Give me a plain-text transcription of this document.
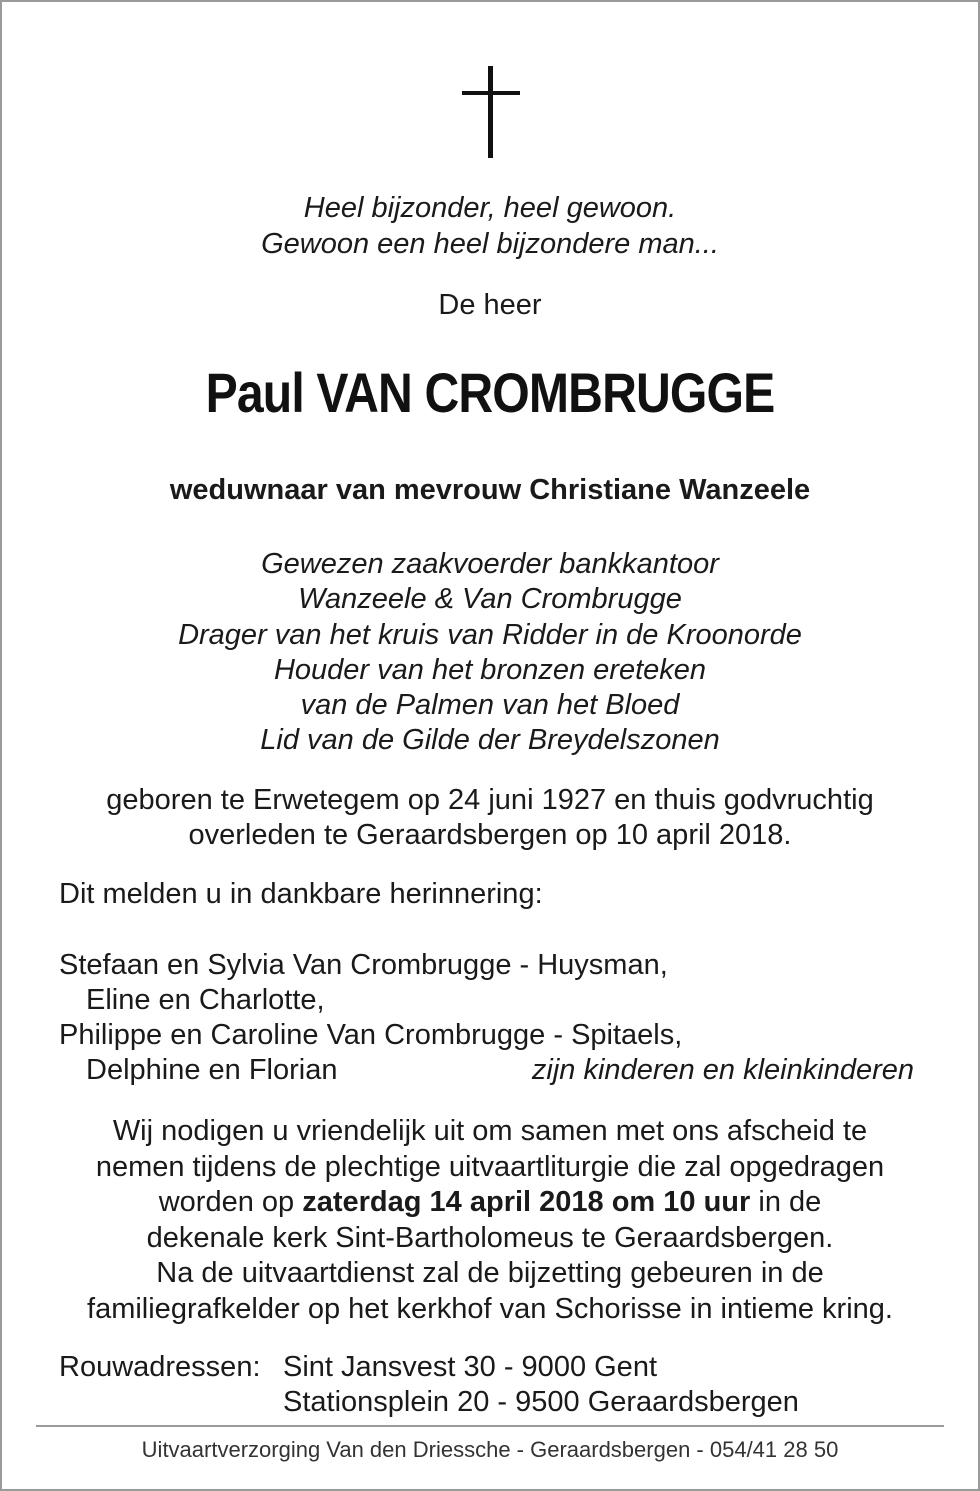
Heel bijzonder, heel gewoon.
Gewoon een heel bijzondere man...
De heer
Paul VAN CROMBRUGGE
weduwnaar van mevrouw Christiane Wanzeele
Gewezen zaakvoerder bankkantoor
Wanzeele & Van Crombrugge
Drager van het kruis van Ridder in de Kroonorde
Houder van het bronzen ereteken
van de Palmen van het Bloed
Lid van de Gilde der Breydelszonen
geboren te Erwetegem op 24 juni 1927 en thuis godvruchtig
overleden te Geraardsbergen op 10 april 2018.
Dit melden u in dankbare herinnering:
Stefaan en Sylvia Van Crombrugge - Huysman,
Eline en Charlotte,
Philippe en Caroline Van Crombrugge - Spitaels,
Delphine en Florian	zijn kinderen en kleinkinderen
Wij nodigen u vriendelijk uit om samen met ons afscheid te
nemen tijdens de plechtige uitvaartliturgie die zal opgedragen
worden op zaterdag 14 april 2018 om 10 uur in de
dekenale kerk Sint-Bartholomeus te Geraardsbergen.
Na de uitvaartdienst zal de bijzetting gebeuren in de
familiegrafkelder op het kerkhof van Schorisse in intieme kring.
Rouwadressen: Sint Jansvest 30 - 9000 Gent
Stationsplein 20 - 9500 Geraardsbergen
Uitvaartverzorging Van den Driessche - Geraardsbergen - 054/41 28 50
